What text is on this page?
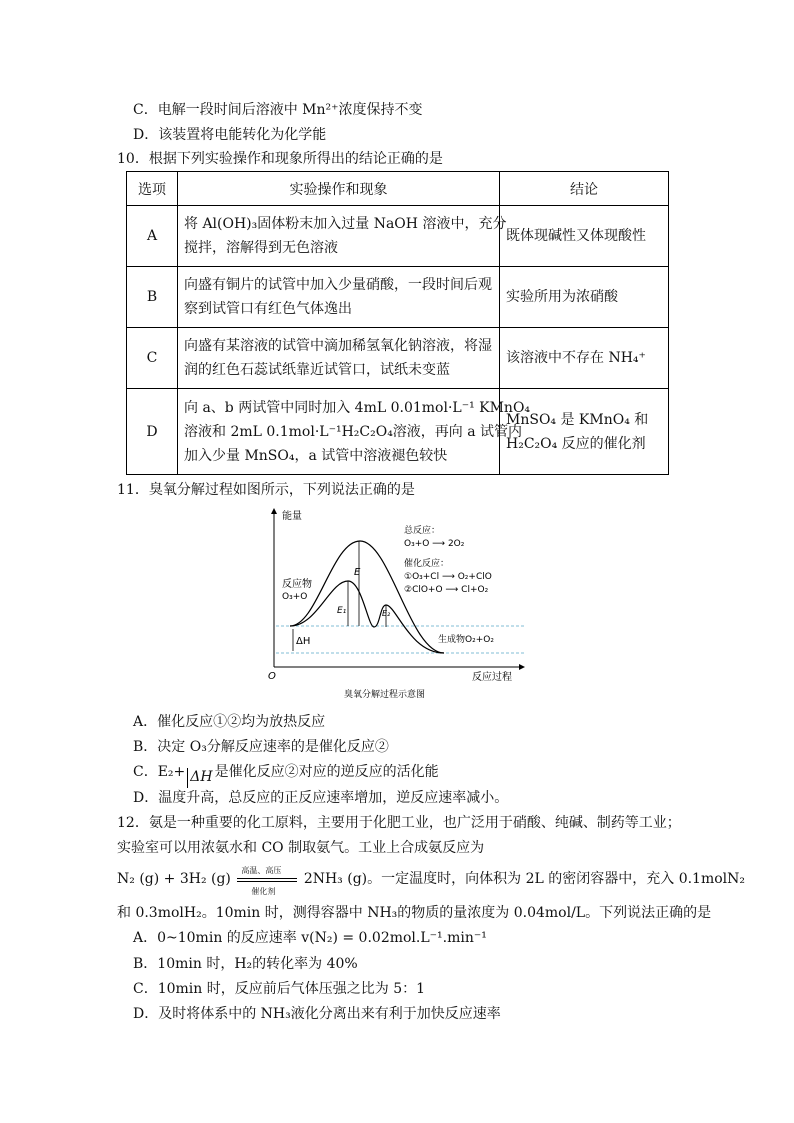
C．电解一段时间后溶液中 Mn²⁺浓度保持不变
D．该装置将电能转化为化学能
10．根据下列实验操作和现象所得出的结论正确的是
选项	实验操作和现象	结论
A	将 Al(OH)₃固体粉末加入过量 NaOH 溶液中，充分
搅拌，溶解得到无色溶液	既体现碱性又体现酸性

B	向盛有铜片的试管中加入少量硝酸，一段时间后观
察到试管口有红色气体逸出	实验所用为浓硝酸

C	向盛有某溶液的试管中滴加稀氢氧化钠溶液，将湿
润的红色石蕊试纸靠近试管口，试纸未变蓝	该溶液中不存在 NH₄⁺

D	向 a、b 两试管中同时加入 4mL 0.01mol·L⁻¹ KMnO₄
溶液和 2mL 0.1mol·L⁻¹H₂C₂O₄溶液，再向 a 试管内
加入少量 MnSO₄，a 试管中溶液褪色较快	MnSO₄ 是 KMnO₄ 和
H₂C₂O₄ 反应的催化剂
11．臭氧分解过程如图所示，下列说法正确的是
能量
O	反应过程
E
E₁	E₂
ΔH
反应物
O₃+O
生成物O₂+O₂
总反应：
O₃+O ⟶ 2O₂
催化反应：
①O₃+Cl ⟶ O₂+ClO
②ClO+O ⟶ Cl+O₂
臭氧分解过程示意图
A．催化反应①②均为放热反应
B．决定 O₃分解反应速率的是催化反应②
C．E₂+ ΔH 是催化反应②对应的逆反应的活化能
D．温度升高，总反应的正反应速率增加，逆反应速率减小。
12．氨是一种重要的化工原料，主要用于化肥工业，也广泛用于硝酸、纯碱、制药等工业；
实验室可以用浓氨水和 CO 制取氨气。工业上合成氨反应为
N₂ (g) + 3H₂ (g)
高温、高压
催化剂
2NH₃ (g)。一定温度时，向体积为 2L 的密闭容器中，充入 0.1molN₂
和 0.3molH₂。10min 时，测得容器中 NH₃的物质的量浓度为 0.04mol/L。下列说法正确的是
A．0~10min 的反应速率 v(N₂) = 0.02mol.L⁻¹.min⁻¹
B．10min 时，H₂的转化率为 40%
C．10min 时，反应前后气体压强之比为 5：1
D．及时将体系中的 NH₃液化分离出来有利于加快反应速率
